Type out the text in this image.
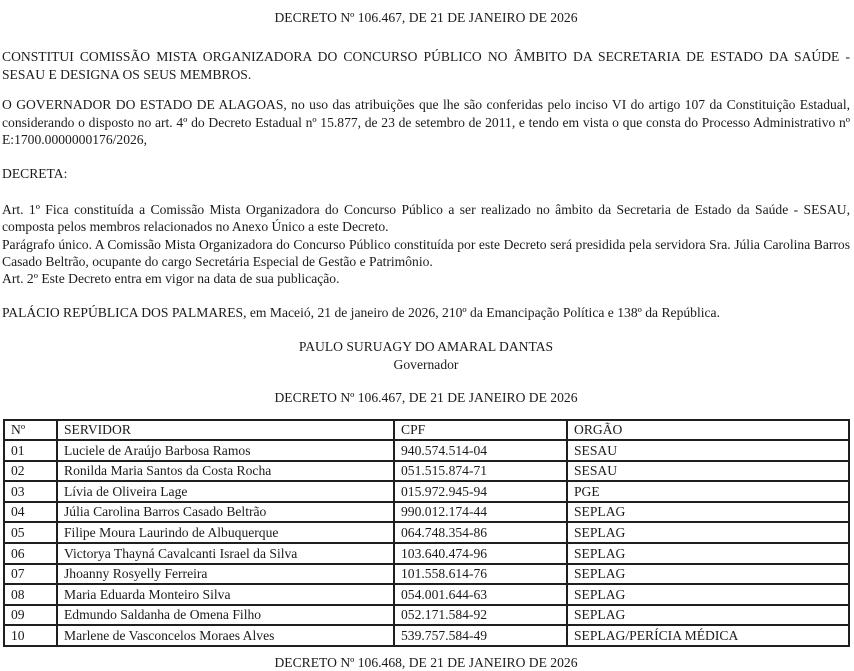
DECRETO Nº 106.467, DE 21 DE JANEIRO DE 2026

CONSTITUI COMISSÃO MISTA ORGANIZADORA DO CONCURSO PÚBLICO NO ÂMBITO DA SECRETARIA DE ESTADO DA SAÚDE - SESAU E DESIGNA OS SEUS MEMBROS.

O GOVERNADOR DO ESTADO DE ALAGOAS, no uso das atribuições que lhe são conferidas pelo inciso VI do artigo 107 da Constituição Estadual, considerando o disposto no art. 4º do Decreto Estadual nº 15.877, de 23 de setembro de 2011, e tendo em vista o que consta do Processo Administrativo nº E:1700.0000000176/2026,

DECRETA:

Art. 1º Fica constituída a Comissão Mista Organizadora do Concurso Público a ser realizado no âmbito da Secretaria de Estado da Saúde - SESAU, composta pelos membros relacionados no Anexo Único a este Decreto.

Parágrafo único. A Comissão Mista Organizadora do Concurso Público constituída por este Decreto será presidida pela servidora Sra. Júlia Carolina Barros Casado Beltrão, ocupante do cargo Secretária Especial de Gestão e Patrimônio.

Art. 2º Este Decreto entra em vigor na data de sua publicação.

PALÁCIO REPÚBLICA DOS PALMARES, em Maceió, 21 de janeiro de 2026, 210º da Emancipação Política e 138º da República.

PAULO SURUAGY DO AMARAL DANTAS

Governador

DECRETO Nº 106.467, DE 21 DE JANEIRO DE 2026

Nº	SERVIDOR	CPF	ORGÃO
01	Luciele de Araújo Barbosa Ramos	940.574.514-04	SESAU
02	Ronilda Maria Santos da Costa Rocha	051.515.874-71	SESAU
03	Lívia de Oliveira Lage	015.972.945-94	PGE
04	Júlia Carolina Barros Casado Beltrão	990.012.174-44	SEPLAG
05	Filipe Moura Laurindo de Albuquerque	064.748.354-86	SEPLAG
06	Victorya Thayná Cavalcanti Israel da Silva	103.640.474-96	SEPLAG
07	Jhoanny Rosyelly Ferreira	101.558.614-76	SEPLAG
08	Maria Eduarda Monteiro Silva	054.001.644-63	SEPLAG
09	Edmundo Saldanha de Omena Filho	052.171.584-92	SEPLAG
10	Marlene de Vasconcelos Moraes Alves	539.757.584-49	SEPLAG/PERÍCIA MÉDICA

DECRETO Nº 106.468, DE 21 DE JANEIRO DE 2026
